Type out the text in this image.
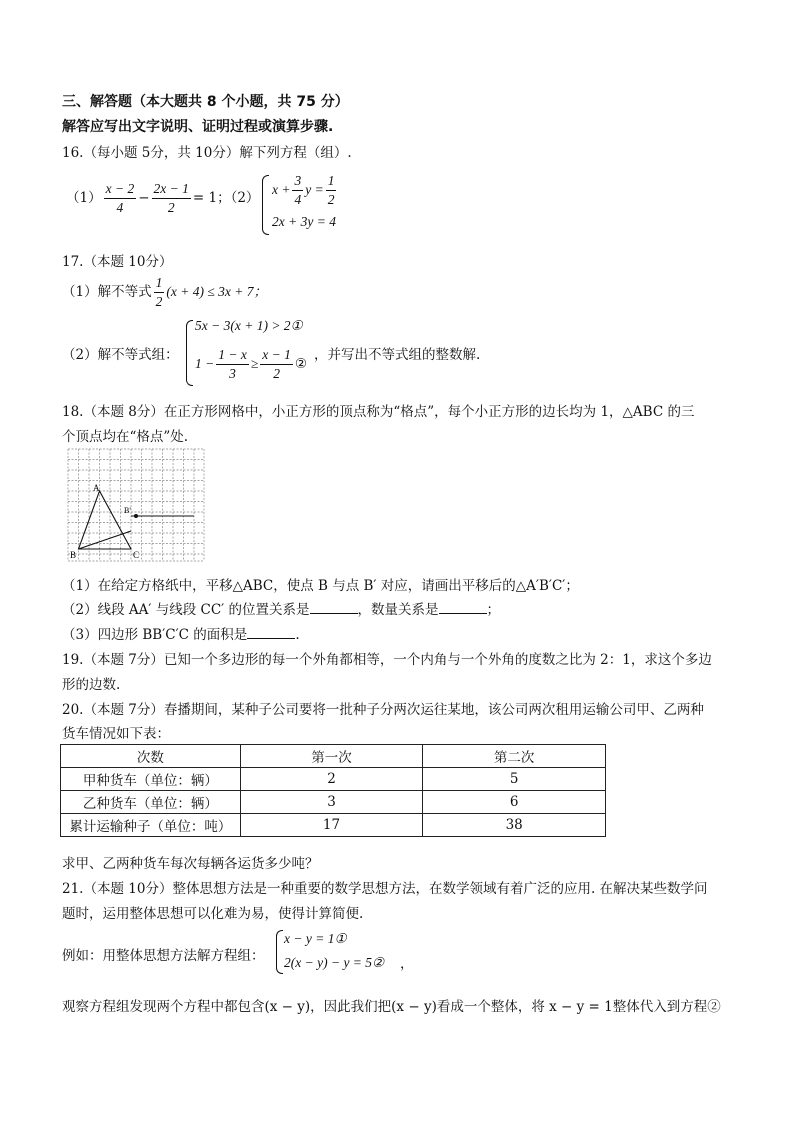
三、解答题（本大题共 8 个小题，共 75 分）
解答应写出文字说明、证明过程或演算步骤.
16.（每小题 5分，共 10分）解下列方程（组）.
$(1) \frac{x - 2}{4} - \frac{2x - 1}{2} = 1$；（2）
$x + \frac{3}{4}$ $y = \frac{1}{2}$
2x + 3y = 4
17.（本题 10分）
（1）解不等式 $\frac{1}{2} (x + 4) \le 3x + 7$；
（2）解不等式组：
5x − 3(x + 1) > 2①
$1 - \frac{1 - x}{3} \ge \frac{x - 1}{2}$ ②
，并写出不等式组的整数解.
18.（本题 8分）在正方形网格中，小正方形的顶点称为“格点”，每个小正方形的边长均为 1，△ABC 的三
个顶点均在“格点”处.
A
B	C
B'
（1）在给定方格纸中，平移△ABC，使点 B 与点 B′ 对应，请画出平移后的△A′B′C′；
（2）线段 AA′ 与线段 CC′ 的位置关系是	，数量关系是	；
（3）四边形 BB′C′C 的面积是	.
19.（本题 7分）已知一个多边形的每一个外角都相等，一个内角与一个外角的度数之比为 2：1，求这个多边
形的边数.
20.（本题 7分）春播期间，某种子公司要将一批种子分两次运往某地，该公司两次租用运输公司甲、乙两种
货车情况如下表：
次数	第一次	第二次
甲种货车（单位：辆）	2	5
乙种货车（单位：辆）	3	6
累计运输种子（单位：吨）	17	38
求甲、乙两种货车每次每辆各运货多少吨？
21.（本题 10分）整体思想方法是一种重要的数学思想方法，在数学领域有着广泛的应用. 在解决某些数学问
题时，运用整体思想可以化难为易，使得计算简便.
例如：用整体思想方法解方程组：
x − y = 1①
2(x − y) − y = 5② ，
观察方程组发现两个方程中都包含(x − y)，因此我们把(x − y)看成一个整体，将 x − y = 1整体代入到方程②
